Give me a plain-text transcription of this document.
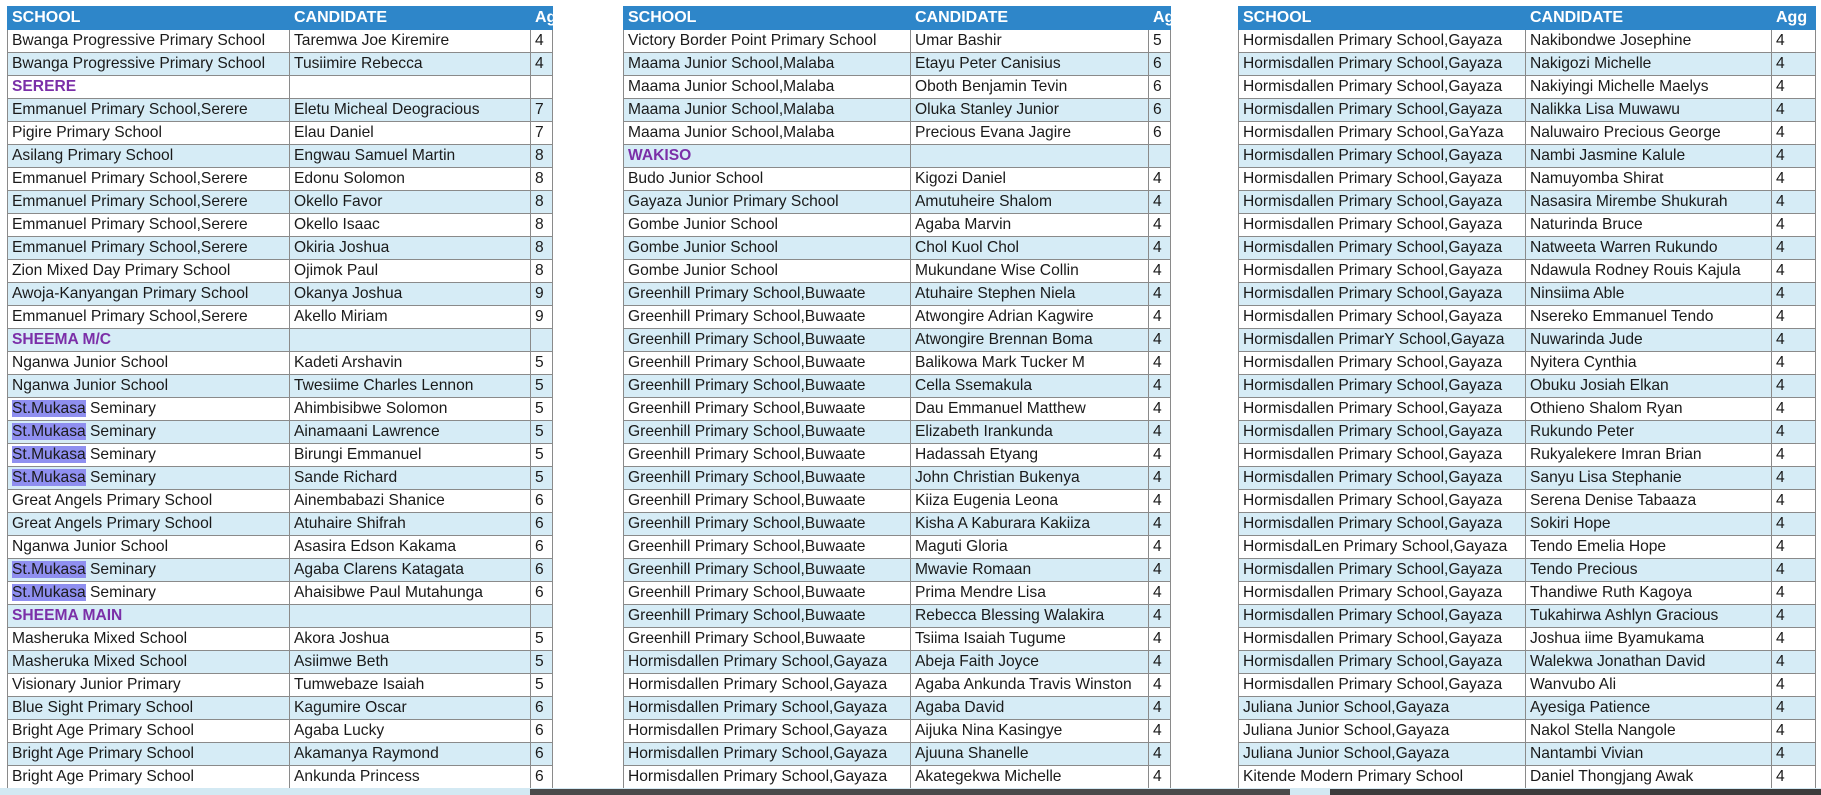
SCHOOL	CANDIDATE	Agg
Bwanga Progressive Primary School	Taremwa Joe Kiremire	4
Bwanga Progressive Primary School	Tusiimire Rebecca	4
SERERE		
Emmanuel Primary School,Serere	Eletu Micheal Deogracious	7
Pigire Primary School	Elau Daniel	7
Asilang Primary School	Engwau Samuel Martin	8
Emmanuel Primary School,Serere	Edonu Solomon	8
Emmanuel Primary School,Serere	Okello Favor	8
Emmanuel Primary School,Serere	Okello Isaac	8
Emmanuel Primary School,Serere	Okiria Joshua	8
Zion Mixed Day Primary School	Ojimok Paul	8
Awoja-Kanyangan Primary School	Okanya Joshua	9
Emmanuel Primary School,Serere	Akello Miriam	9
SHEEMA M/C		
Nganwa Junior School	Kadeti Arshavin	5
Nganwa Junior School	Twesiime Charles Lennon	5
St.Mukasa Seminary	Ahimbisibwe Solomon	5
St.Mukasa Seminary	Ainamaani Lawrence	5
St.Mukasa Seminary	Birungi Emmanuel	5
St.Mukasa Seminary	Sande Richard	5
Great Angels Primary School	Ainembabazi Shanice	6
Great Angels Primary School	Atuhaire Shifrah	6
Nganwa Junior School	Asasira Edson Kakama	6
St.Mukasa Seminary	Agaba Clarens Katagata	6
St.Mukasa Seminary	Ahaisibwe Paul Mutahunga	6
SHEEMA MAIN		
Masheruka Mixed School	Akora Joshua	5
Masheruka Mixed School	Asiimwe Beth	5
Visionary Junior Primary	Tumwebaze Isaiah	5
Blue Sight Primary School	Kagumire Oscar	6
Bright Age Primary School	Agaba Lucky	6
Bright Age Primary School	Akamanya Raymond	6
Bright Age Primary School	Ankunda Princess	6
SCHOOL	CANDIDATE	Agg
Victory Border Point Primary School	Umar Bashir	5
Maama Junior School,Malaba	Etayu Peter Canisius	6
Maama Junior School,Malaba	Oboth Benjamin Tevin	6
Maama Junior School,Malaba	Oluka Stanley Junior	6
Maama Junior School,Malaba	Precious Evana Jagire	6
WAKISO		
Budo Junior School	Kigozi Daniel	4
Gayaza Junior Primary School	Amutuheire Shalom	4
Gombe Junior School	Agaba Marvin	4
Gombe Junior School	Chol Kuol Chol	4
Gombe Junior School	Mukundane Wise Collin	4
Greenhill Primary School,Buwaate	Atuhaire Stephen Niela	4
Greenhill Primary School,Buwaate	Atwongire Adrian Kagwire	4
Greenhill Primary School,Buwaate	Atwongire Brennan Boma	4
Greenhill Primary School,Buwaate	Balikowa Mark Tucker M	4
Greenhill Primary School,Buwaate	Cella Ssemakula	4
Greenhill Primary School,Buwaate	Dau Emmanuel Matthew	4
Greenhill Primary School,Buwaate	Elizabeth Irankunda	4
Greenhill Primary School,Buwaate	Hadassah Etyang	4
Greenhill Primary School,Buwaate	John Christian Bukenya	4
Greenhill Primary School,Buwaate	Kiiza Eugenia Leona	4
Greenhill Primary School,Buwaate	Kisha A Kaburara Kakiiza	4
Greenhill Primary School,Buwaate	Maguti Gloria	4
Greenhill Primary School,Buwaate	Mwavie Romaan	4
Greenhill Primary School,Buwaate	Prima Mendre Lisa	4
Greenhill Primary School,Buwaate	Rebecca Blessing Walakira	4
Greenhill Primary School,Buwaate	Tsiima Isaiah Tugume	4
Hormisdallen Primary School,Gayaza	Abeja Faith Joyce	4
Hormisdallen Primary School,Gayaza	Agaba Ankunda Travis Winston	4
Hormisdallen Primary School,Gayaza	Agaba David	4
Hormisdallen Primary School,Gayaza	Aijuka Nina Kasingye	4
Hormisdallen Primary School,Gayaza	Ajuuna Shanelle	4
Hormisdallen Primary School,Gayaza	Akategekwa Michelle	4
SCHOOL	CANDIDATE	Agg
Hormisdallen Primary School,Gayaza	Nakibondwe Josephine	4
Hormisdallen Primary School,Gayaza	Nakigozi Michelle	4
Hormisdallen Primary School,Gayaza	Nakiyingi Michelle Maelys	4
Hormisdallen Primary School,Gayaza	Nalikka Lisa Muwawu	4
Hormisdallen Primary School,GaYaza	Naluwairo Precious George	4
Hormisdallen Primary School,Gayaza	Nambi Jasmine Kalule	4
Hormisdallen Primary School,Gayaza	Namuyomba Shirat	4
Hormisdallen Primary School,Gayaza	Nasasira Mirembe Shukurah	4
Hormisdallen Primary School,Gayaza	Naturinda Bruce	4
Hormisdallen Primary School,Gayaza	Natweeta Warren Rukundo	4
Hormisdallen Primary School,Gayaza	Ndawula Rodney Rouis Kajula	4
Hormisdallen Primary School,Gayaza	Ninsiima Able	4
Hormisdallen Primary School,Gayaza	Nsereko Emmanuel Tendo	4
Hormisdallen PrimarY School,Gayaza	Nuwarinda Jude	4
Hormisdallen Primary School,Gayaza	Nyitera Cynthia	4
Hormisdallen Primary School,Gayaza	Obuku Josiah Elkan	4
Hormisdallen Primary School,Gayaza	Othieno Shalom Ryan	4
Hormisdallen Primary School,Gayaza	Rukundo Peter	4
Hormisdallen Primary School,Gayaza	Rukyalekere Imran Brian	4
Hormisdallen Primary School,Gayaza	Sanyu Lisa Stephanie	4
Hormisdallen Primary School,Gayaza	Serena Denise Tabaaza	4
Hormisdallen Primary School,Gayaza	Sokiri Hope	4
HormisdalLen Primary School,Gayaza	Tendo Emelia Hope	4
Hormisdallen Primary School,Gayaza	Tendo Precious	4
Hormisdallen Primary School,Gayaza	Thandiwe Ruth Kagoya	4
Hormisdallen Primary School,Gayaza	Tukahirwa Ashlyn Gracious	4
Hormisdallen Primary School,Gayaza	Joshua iime Byamukama	4
Hormisdallen Primary School,Gayaza	Walekwa Jonathan David	4
Hormisdallen Primary School,Gayaza	Wanvubo Ali	4
Juliana Junior School,Gayaza	Ayesiga Patience	4
Juliana Junior School,Gayaza	Nakol Stella Nangole	4
Juliana Junior School,Gayaza	Nantambi Vivian	4
Kitende Modern Primary School	Daniel Thongjang Awak	4
